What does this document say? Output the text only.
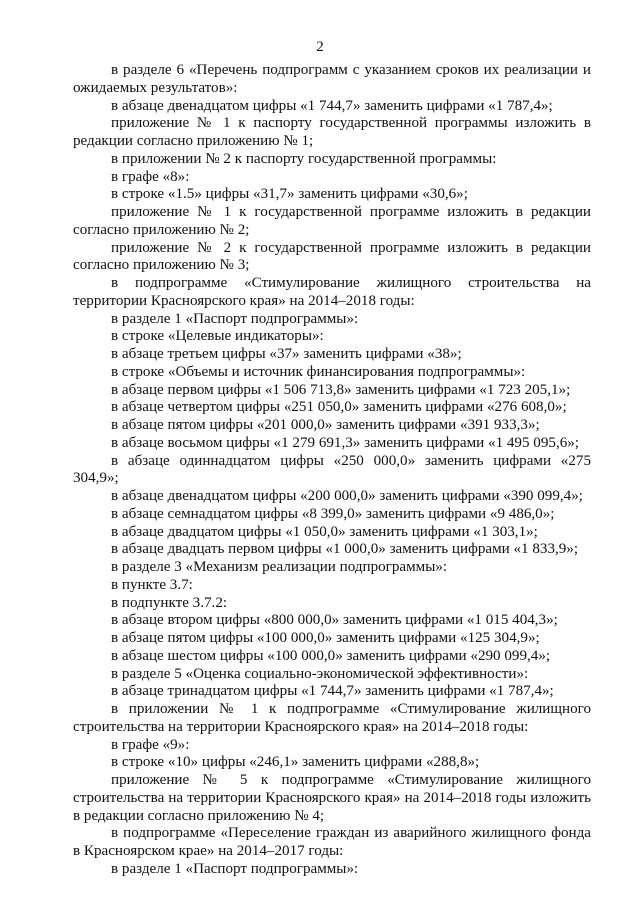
2

в разделе 6 «Перечень подпрограмм с указанием сроков их реализации и ожидаемых результатов»:

в абзаце двенадцатом цифры «1 744,7» заменить цифрами «1 787,4»;

приложение № 1 к паспорту государственной программы изложить в редакции согласно приложению № 1;

в приложении № 2 к паспорту государственной программы:

в графе «8»:

в строке «1.5» цифры «31,7» заменить цифрами «30,6»;

приложение № 1 к государственной программе изложить в редакции согласно приложению № 2;

приложение № 2 к государственной программе изложить в редакции согласно приложению № 3;

в подпрограмме «Стимулирование жилищного строительства на территории Красноярского края» на 2014–2018 годы:

в разделе 1 «Паспорт подпрограммы»:

в строке «Целевые индикаторы»:

в абзаце третьем цифры «37» заменить цифрами «38»;

в строке «Объемы и источник финансирования подпрограммы»:

в абзаце первом цифры «1 506 713,8» заменить цифрами «1 723 205,1»;

в абзаце четвертом цифры «251 050,0» заменить цифрами «276 608,0»;

в абзаце пятом цифры «201 000,0» заменить цифрами «391 933,3»;

в абзаце восьмом цифры «1 279 691,3» заменить цифрами «1 495 095,6»;

в абзаце одиннадцатом цифры «250 000,0» заменить цифрами «275 304,9»;

в абзаце двенадцатом цифры «200 000,0» заменить цифрами «390 099,4»;

в абзаце семнадцатом цифры «8 399,0» заменить цифрами «9 486,0»;

в абзаце двадцатом цифры «1 050,0» заменить цифрами «1 303,1»;

в абзаце двадцать первом цифры «1 000,0» заменить цифрами «1 833,9»;

в разделе 3 «Механизм реализации подпрограммы»:

в пункте 3.7:

в подпункте 3.7.2:

в абзаце втором цифры «800 000,0» заменить цифрами «1 015 404,3»;

в абзаце пятом цифры «100 000,0» заменить цифрами «125 304,9»;

в абзаце шестом цифры «100 000,0» заменить цифрами «290 099,4»;

в разделе 5 «Оценка социально-экономической эффективности»:

в абзаце тринадцатом цифры «1 744,7» заменить цифрами «1 787,4»;

в приложении № 1 к подпрограмме «Стимулирование жилищного строительства на территории Красноярского края» на 2014–2018 годы:

в графе «9»:

в строке «10» цифры «246,1» заменить цифрами «288,8»;

приложение № 5 к подпрограмме «Стимулирование жилищного строительства на территории Красноярского края» на 2014–2018 годы изложить в редакции согласно приложению № 4;

в подпрограмме «Переселение граждан из аварийного жилищного фонда в Красноярском крае» на 2014–2017 годы:

в разделе 1 «Паспорт подпрограммы»:
